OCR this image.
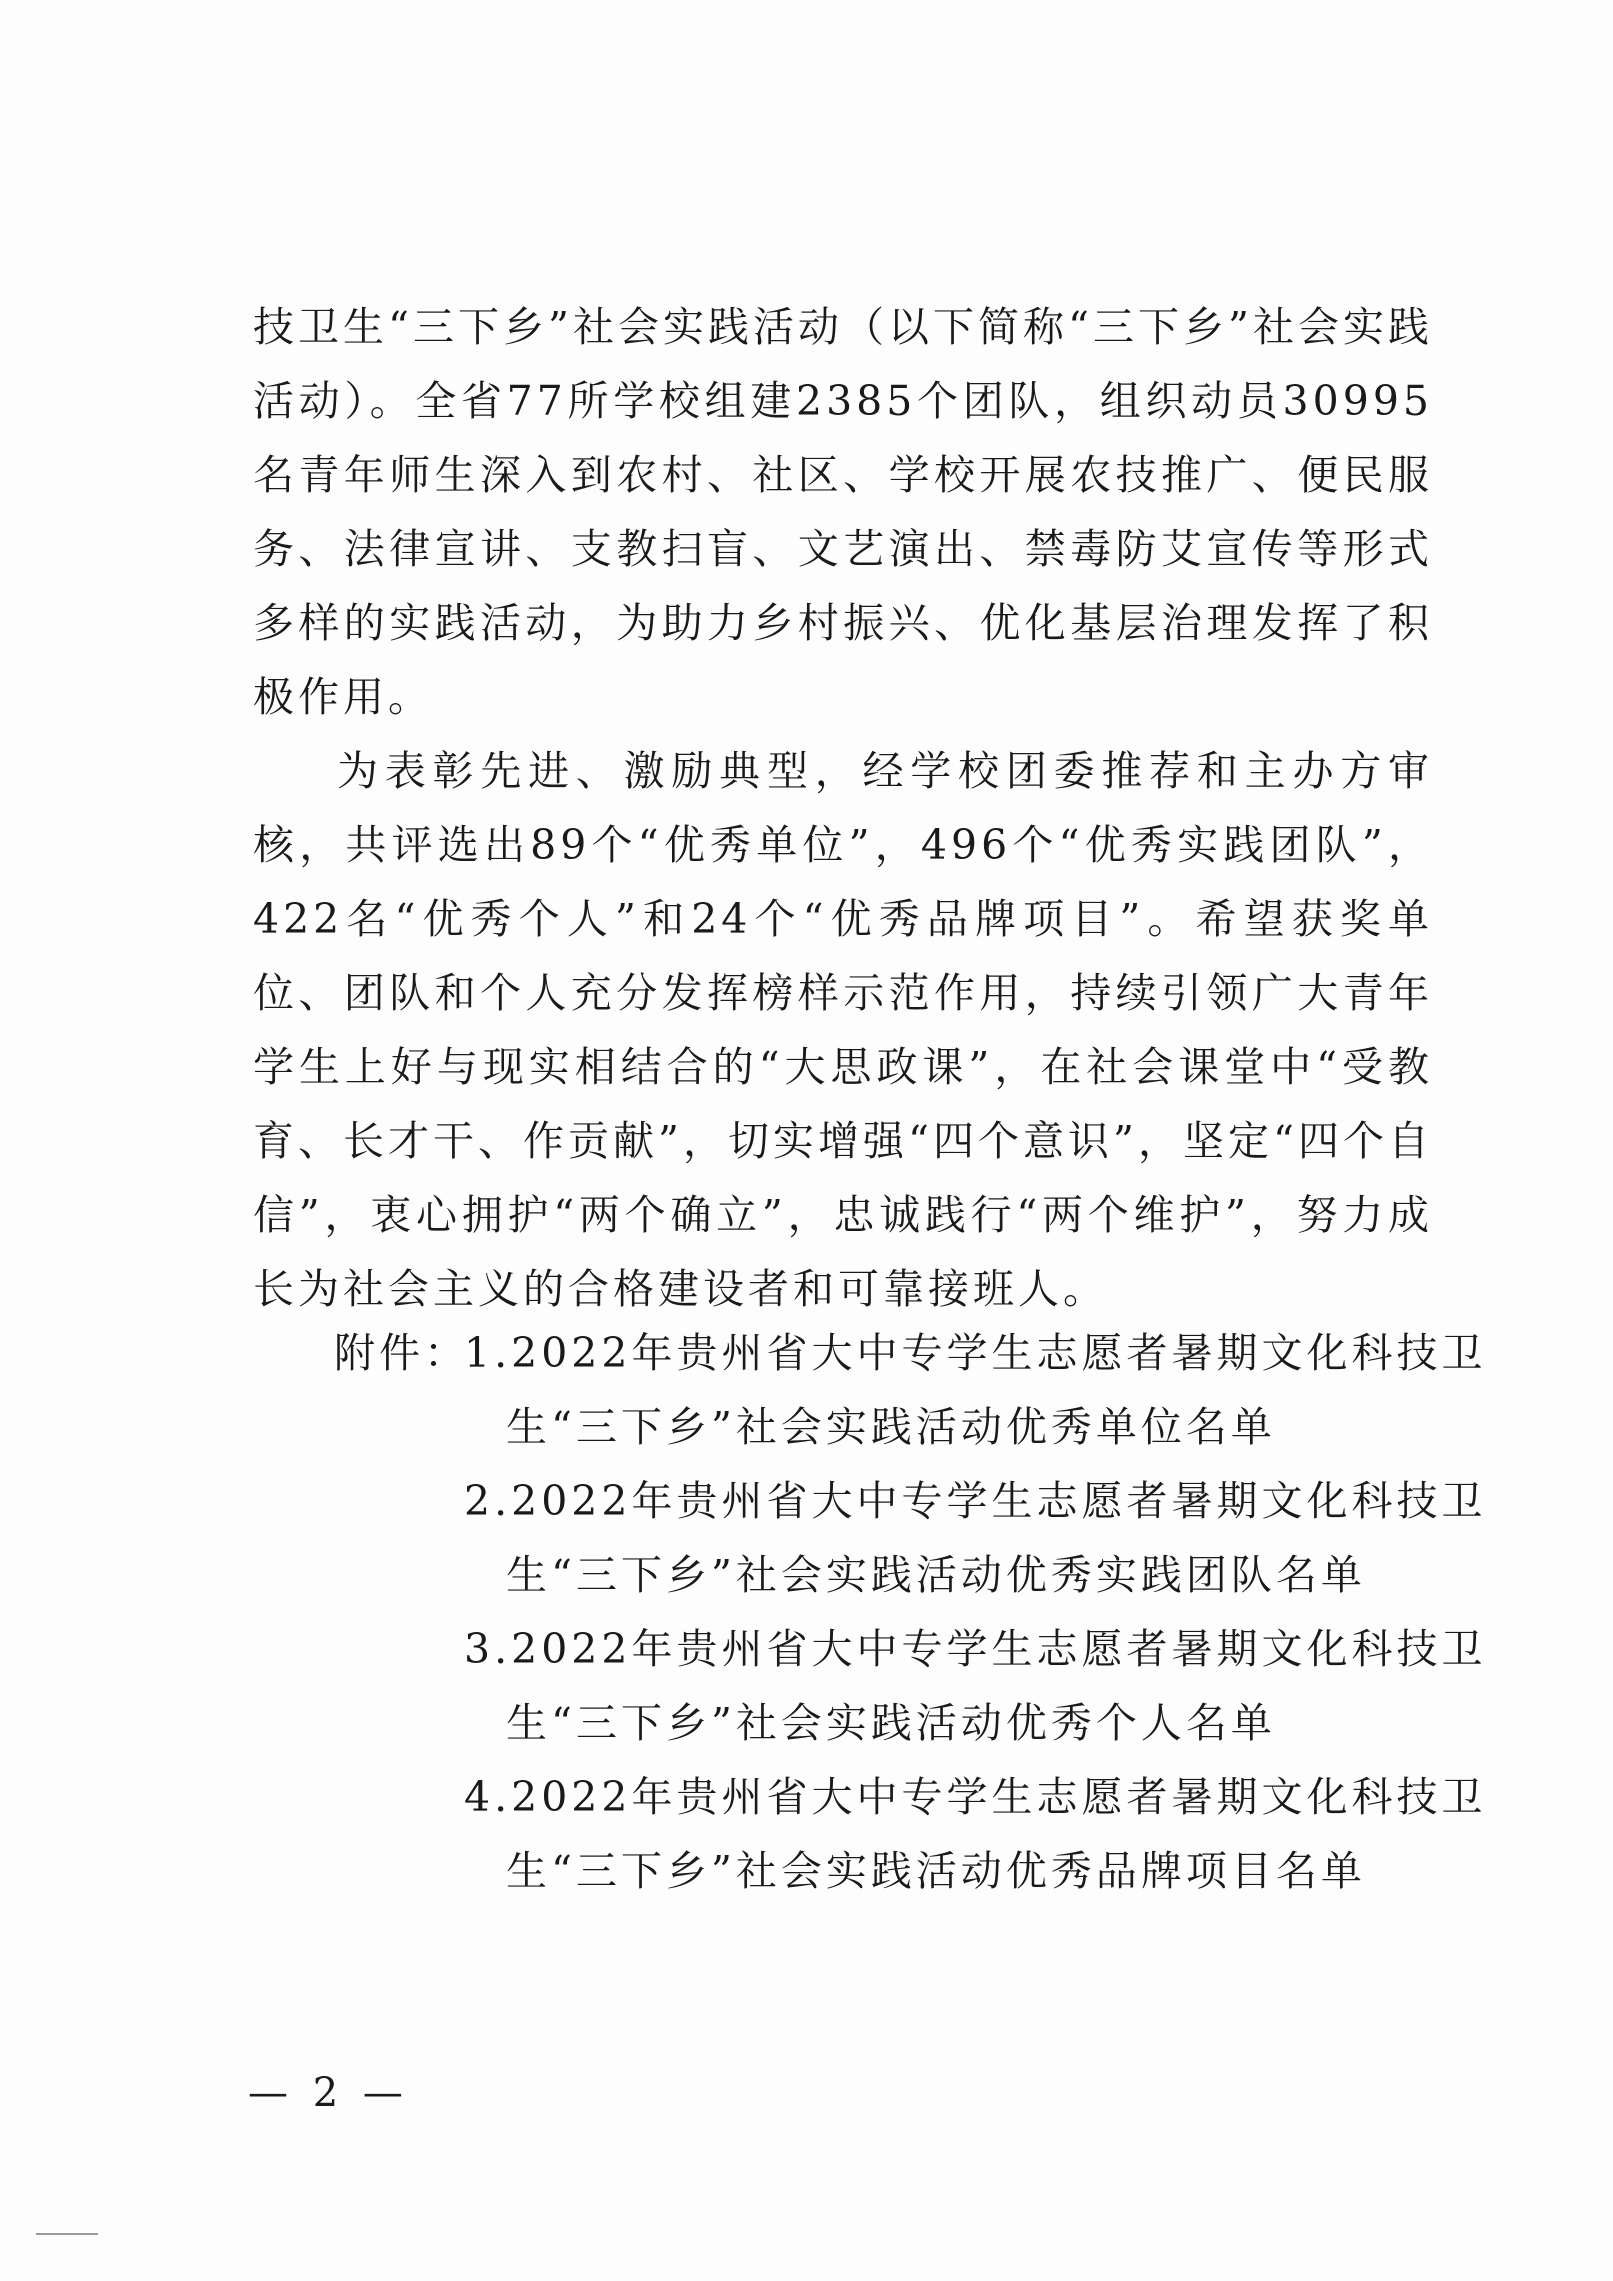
技卫生“三下乡”社会实践活动（以下简称“三下乡”社会实践活动）。全省77所学校组建2385个团队，组织动员30995名青年师生深入到农村、社区、学校开展农技推广、便民服务、法律宣讲、支教扫盲、文艺演出、禁毒防艾宣传等形式多样的实践活动，为助力乡村振兴、优化基层治理发挥了积极作用。

为表彰先进、激励典型，经学校团委推荐和主办方审核，共评选出89个“优秀单位”，496个“优秀实践团队”，422名“优秀个人”和24个“优秀品牌项目”。希望获奖单位、团队和个人充分发挥榜样示范作用，持续引领广大青年学生上好与现实相结合的“大思政课”，在社会课堂中“受教育、长才干、作贡献”，切实增强“四个意识”，坚定“四个自信”，衷心拥护“两个确立”，忠诚践行“两个维护”，努力成长为社会主义的合格建设者和可靠接班人。

附件：
1.2022年贵州省大中专学生志愿者暑期文化科技卫
生“三下乡”社会实践活动优秀单位名单
2.2022年贵州省大中专学生志愿者暑期文化科技卫
生“三下乡”社会实践活动优秀实践团队名单
3.2022年贵州省大中专学生志愿者暑期文化科技卫
生“三下乡”社会实践活动优秀个人名单
4.2022年贵州省大中专学生志愿者暑期文化科技卫
生“三下乡”社会实践活动优秀品牌项目名单
— 2 —
